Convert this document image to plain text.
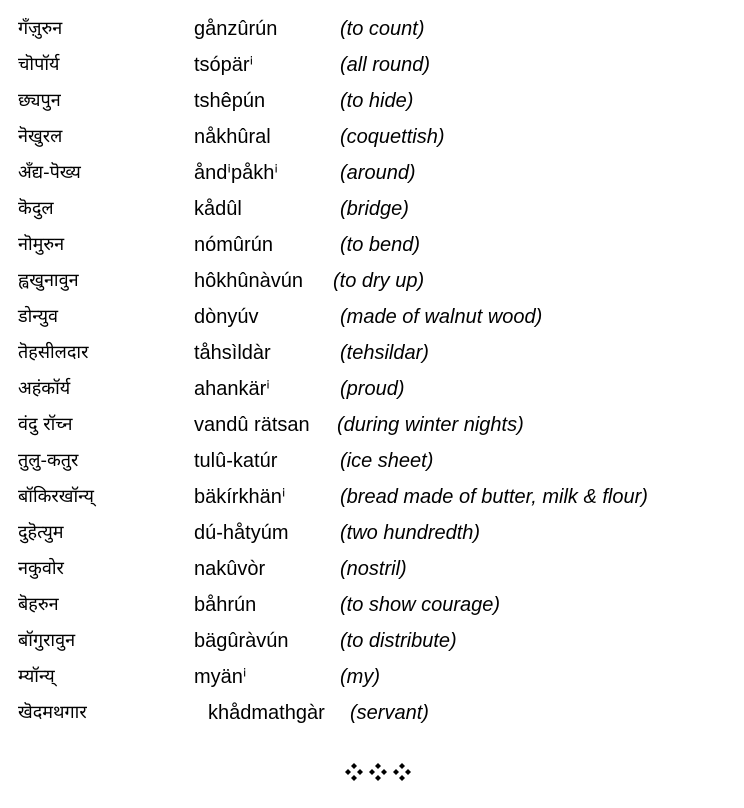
गँज़ुरुन	gånzûrún	(to count)
चॊपॉर्य	tsópärⁱ	(all round)
छ्यपुन	tshêpún	(to hide)
नॆखुरल	nåkhûral	(coquettish)
अँद्य-पॆख्य	åndⁱpåkhⁱ	(around)
कॆदुल	kådûl	(bridge)
नॊमुरुन	nómûrún	(to bend)
ह्वखुनावुन	hôkhûnàvún (to dry up)
डोन्युव	dònyúv	(made of walnut wood)
तॆहसीलदार	tåhsìldàr	(tehsildar)
अहंकॉर्य	ahankärⁱ	(proud)
वंदु रॉच्न	vandû rätsan (during winter nights)
तुलु-कतुर	tulû-katúr	(ice sheet)
बॉकिरखॉन्य्	bäkírkhänⁱ	(bread made of butter, milk & flour)
दुहॆत्युम	dú-håtyúm	(two hundredth)
नकुवोर	nakûvòr	(nostril)
बॆहरुन	båhrún	(to show courage)
बॉगुरावुन	bägûràvún	(to distribute)
म्यॉन्य्	myänⁱ	(my)
खॆदमथगार	khådmathgàr (servant)
